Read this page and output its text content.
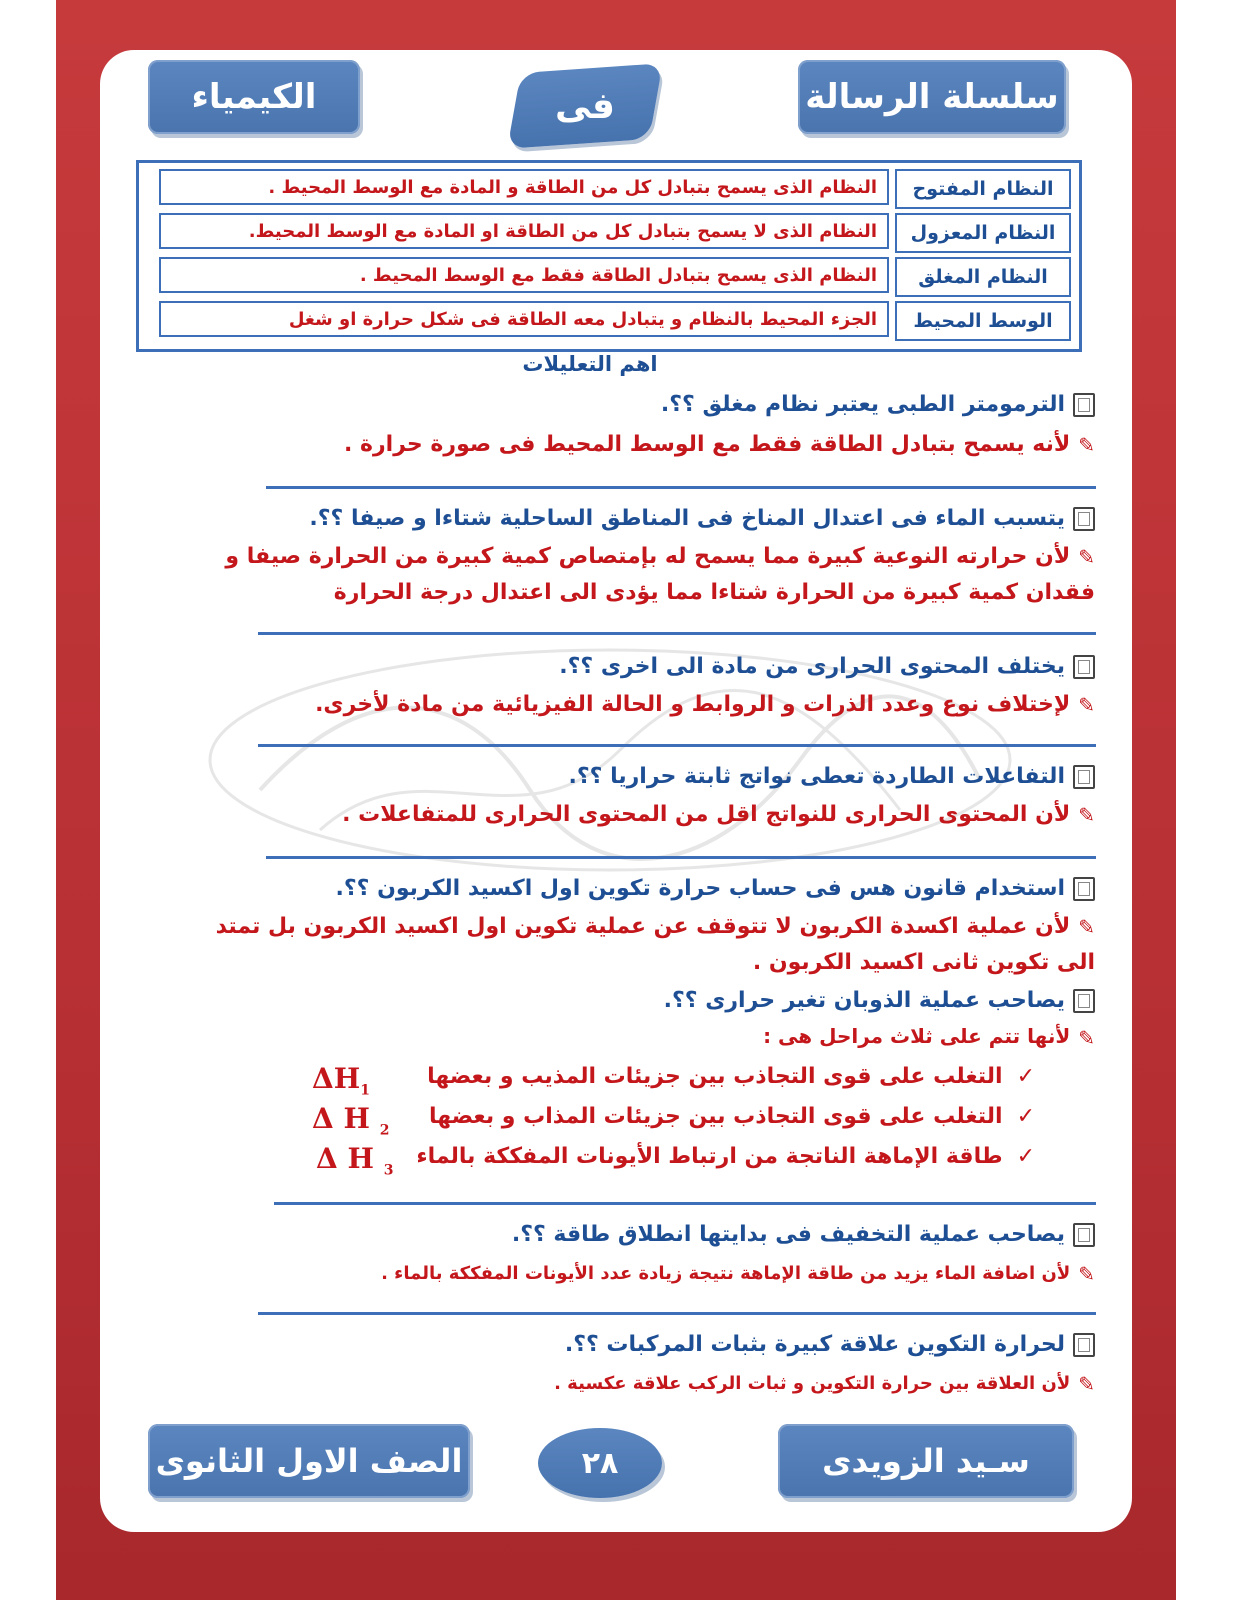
سلسلة الرسالة
فى
الكيمياء
النظام المفتوح
النظام الذى يسمح بتبادل كل من الطاقة و المادة مع الوسط المحيط .
النظام المعزول
النظام الذى لا يسمح بتبادل كل من الطاقة او المادة مع الوسط المحيط.
النظام المغلق
النظام الذى يسمح بتبادل الطاقة فقط مع الوسط المحيط .
الوسط المحيط
الجزء المحيط بالنظام و يتبادل معه الطاقة فى شكل حرارة او شغل
اهم التعليلات
الترمومتر الطبى يعتبر نظام مغلق ؟؟.
✎لأنه يسمح بتبادل الطاقة فقط مع الوسط المحيط فى صورة حرارة .
يتسبب الماء فى اعتدال المناخ فى المناطق الساحلية شتاءا و صيفا ؟؟.
✎لأن حرارته النوعية كبيرة مما يسمح له بإمتصاص كمية كبيرة من الحرارة صيفا و
فقدان كمية كبيرة من الحرارة شتاءا مما يؤدى الى اعتدال درجة الحرارة
يختلف المحتوى الحرارى من مادة الى اخرى ؟؟.
✎لإختلاف نوع وعدد الذرات و الروابط و الحالة الفيزيائية من مادة لأخرى.
التفاعلات الطاردة تعطى نواتج ثابتة حراريا ؟؟.
✎لأن المحتوى الحرارى للنواتج اقل من المحتوى الحرارى للمتفاعلات .
استخدام قانون هس فى حساب حرارة تكوين اول اكسيد الكربون ؟؟.
✎لأن عملية اكسدة الكربون لا تتوقف عن عملية تكوين اول اكسيد الكربون بل تمتد
الى تكوين ثانى اكسيد الكربون .
يصاحب عملية الذوبان تغير حرارى ؟؟.
✎لأنها تتم على ثلاث مراحل هى :
✓التغلب على قوى التجاذب بين جزيئات المذيب و بعضها
✓التغلب على قوى التجاذب بين جزيئات المذاب و بعضها
✓طاقة الإماهة الناتجة من ارتباط الأيونات المفككة بالماء
$\Delta H_1$
Δ H $_2$
Δ H $_3$
يصاحب عملية التخفيف فى بدايتها انطلاق طاقة ؟؟.
✎لأن اضافة الماء يزيد من طاقة الإماهة نتيجة زيادة عدد الأيونات المفككة بالماء .
لحرارة التكوين علاقة كبيرة بثبات المركبات ؟؟.
✎لأن العلاقة بين حرارة التكوين و ثبات الركب علاقة عكسية .
سـيد الزويدى
٢٨
الصف الاول الثانوى
